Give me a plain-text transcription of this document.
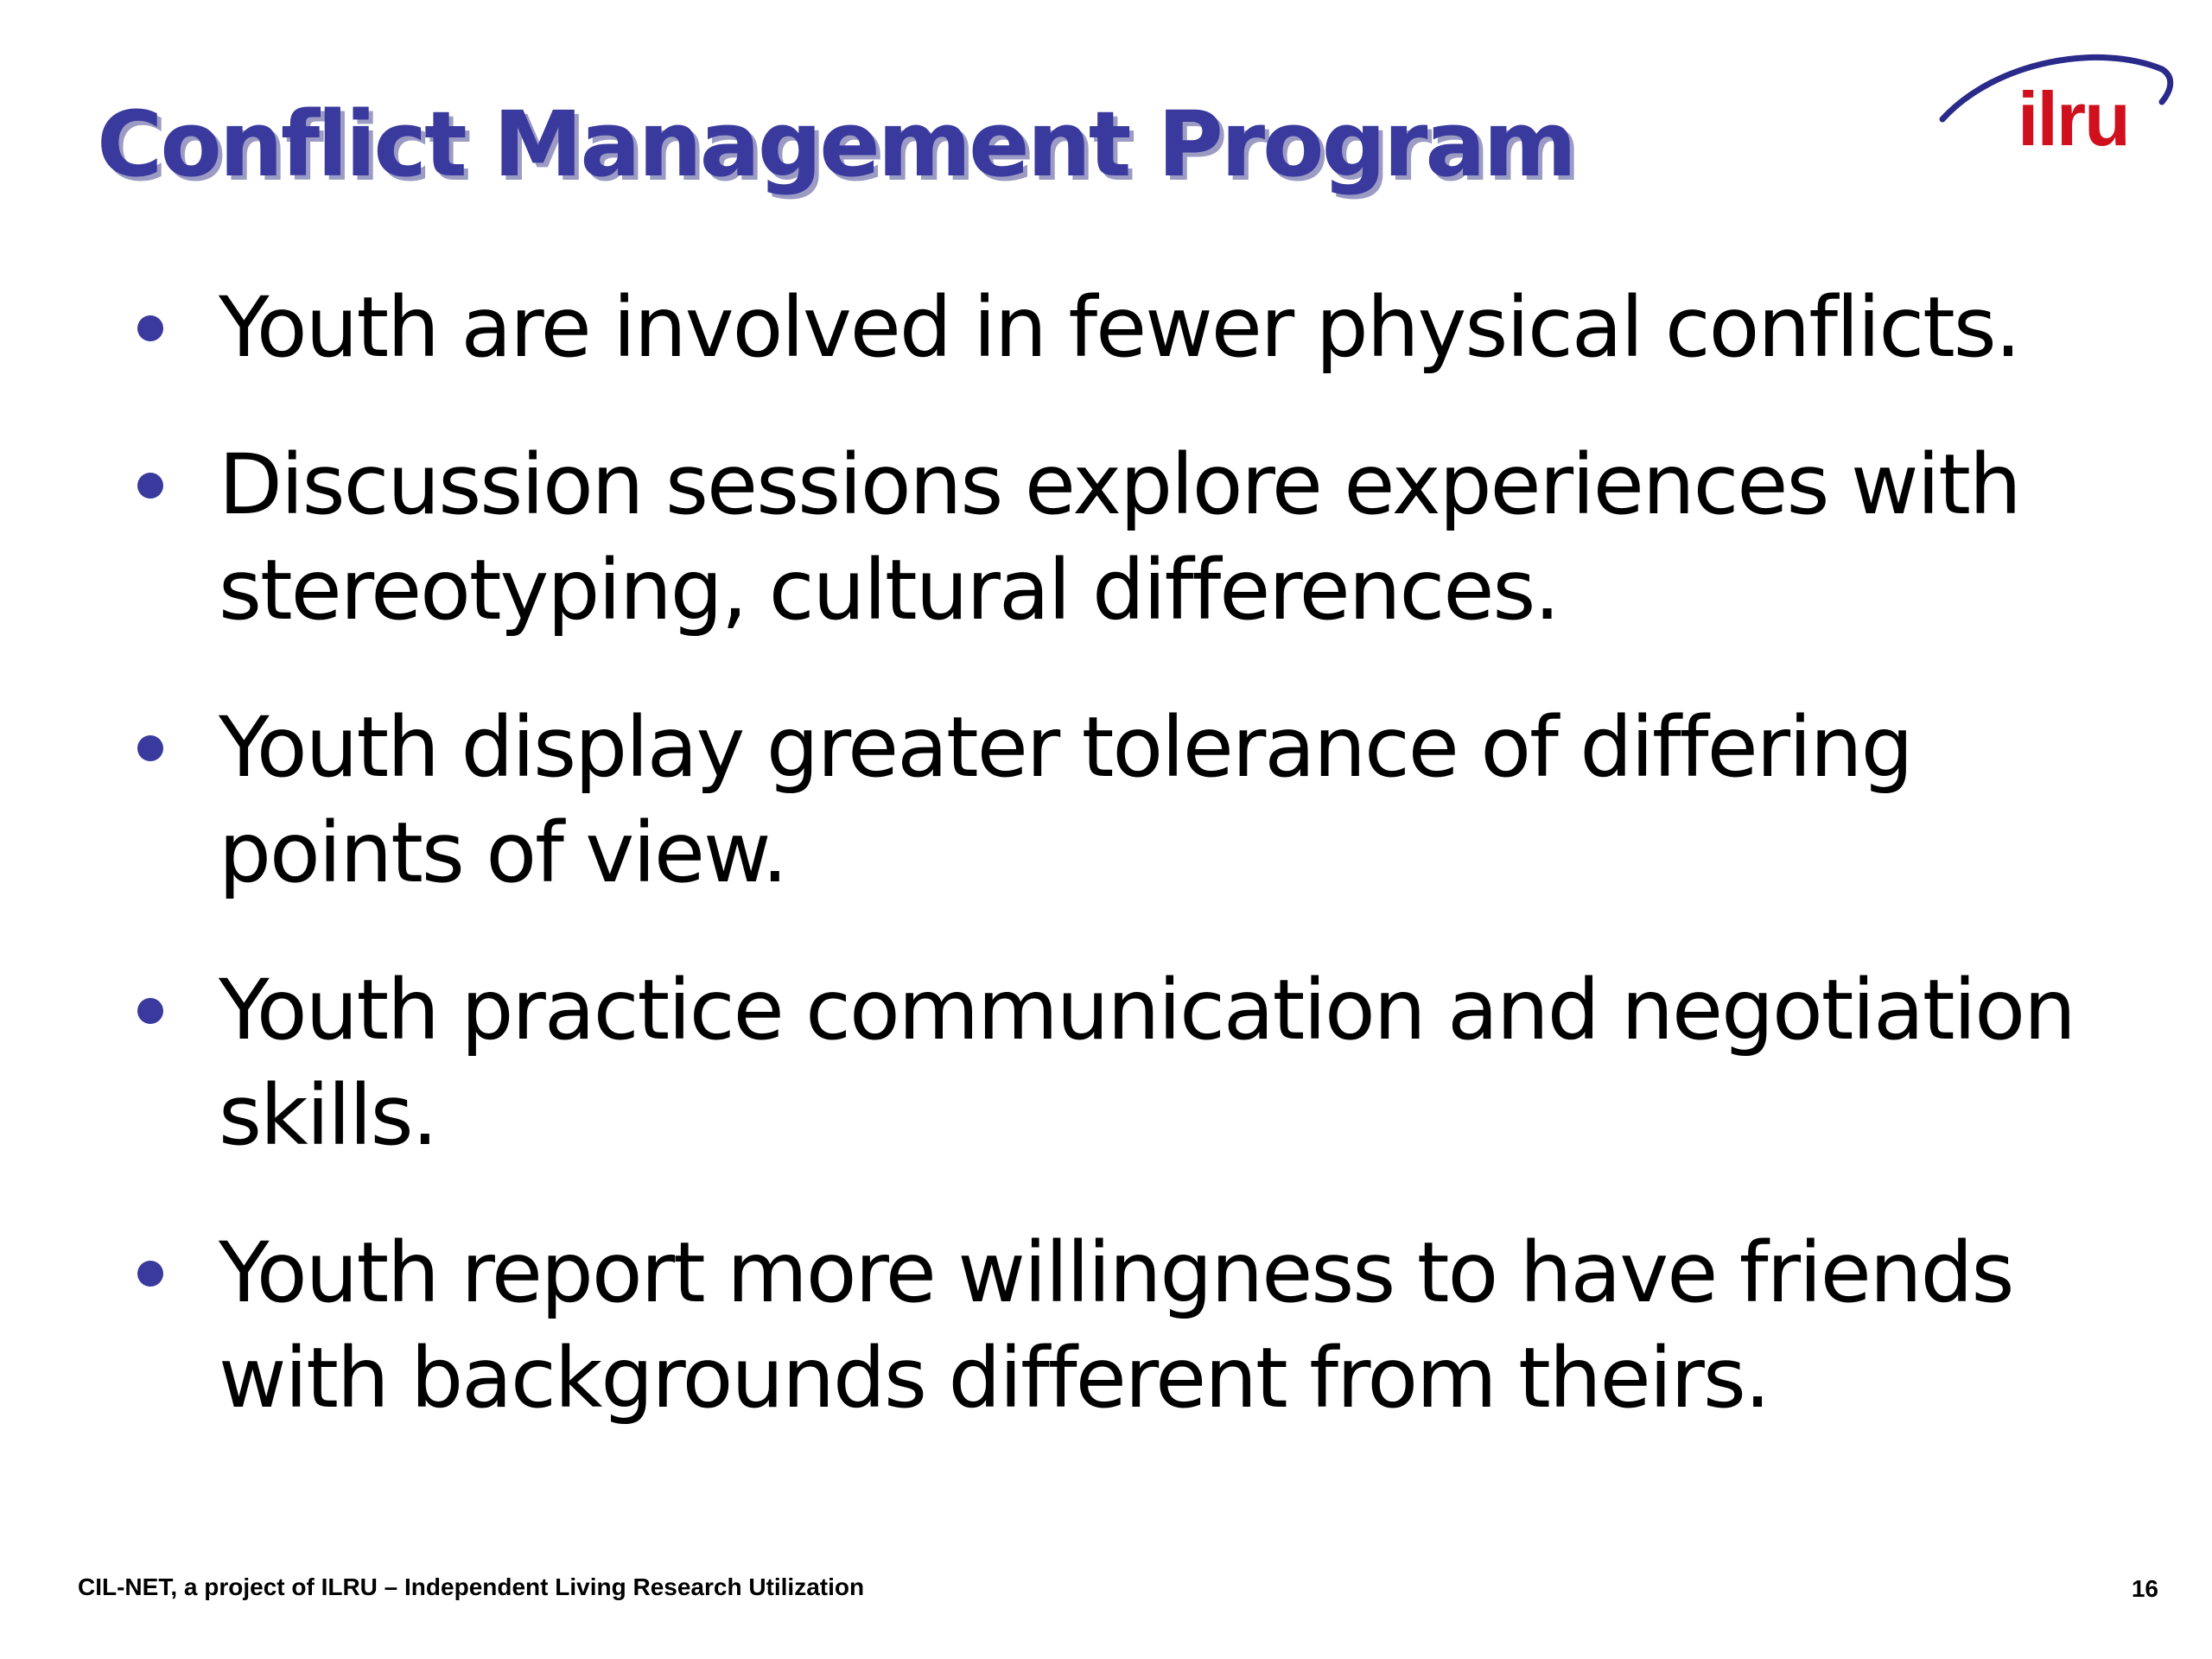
Conflict Management Program	ilru
Youth are involved in fewer physical conflicts.
Discussion sessions explore experiences with stereotyping, cultural differences.
Youth display greater tolerance of differing points of view.
Youth practice communication and negotiation skills.
Youth report more willingness to have friends with backgrounds different from theirs.
CIL-NET, a project of ILRU – Independent Living Research Utilization	16
